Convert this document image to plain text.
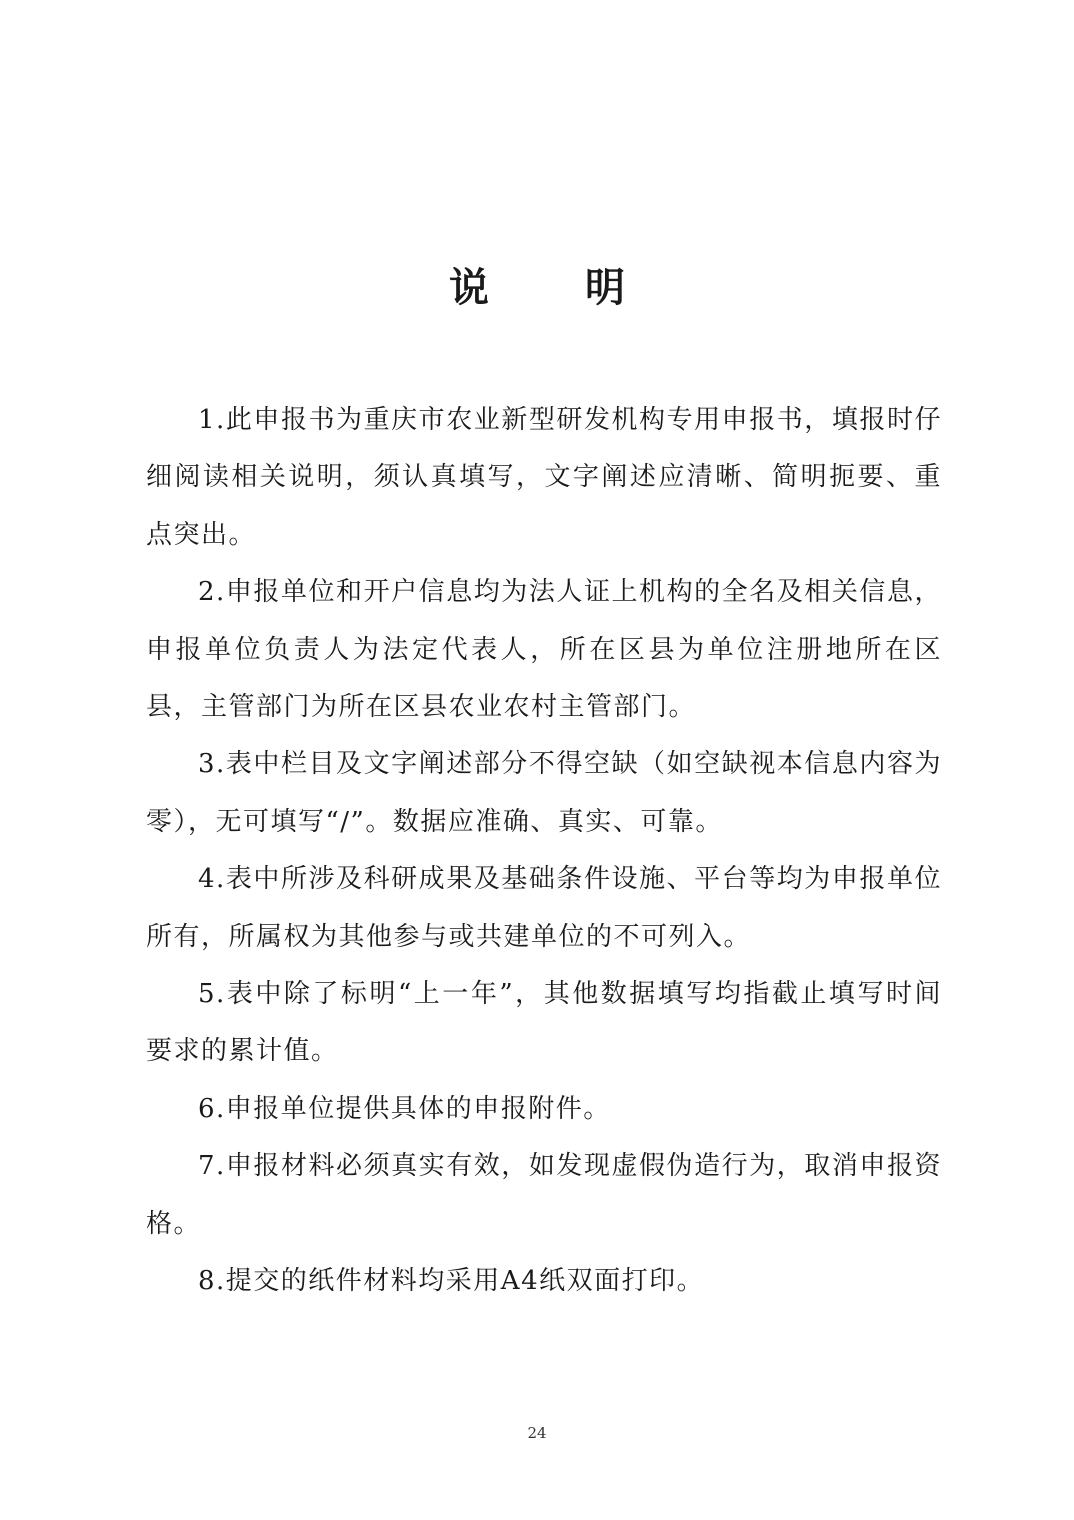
说 明

1.此申报书为重庆市农业新型研发机构专用申报书，填报时仔细阅读相关说明，须认真填写，文字阐述应清晰、简明扼要、重点突出。

2.申报单位和开户信息均为法人证上机构的全名及相关信息，申报单位负责人为法定代表人，所在区县为单位注册地所在区县，主管部门为所在区县农业农村主管部门。

3.表中栏目及文字阐述部分不得空缺（如空缺视本信息内容为零），无可填写“/”。数据应准确、真实、可靠。

4.表中所涉及科研成果及基础条件设施、平台等均为申报单位所有，所属权为其他参与或共建单位的不可列入。

5.表中除了标明“上一年”，其他数据填写均指截止填写时间要求的累计值。

6.申报单位提供具体的申报附件。

7.申报材料必须真实有效，如发现虚假伪造行为，取消申报资格。

8.提交的纸件材料均采用A4纸双面打印。

24
